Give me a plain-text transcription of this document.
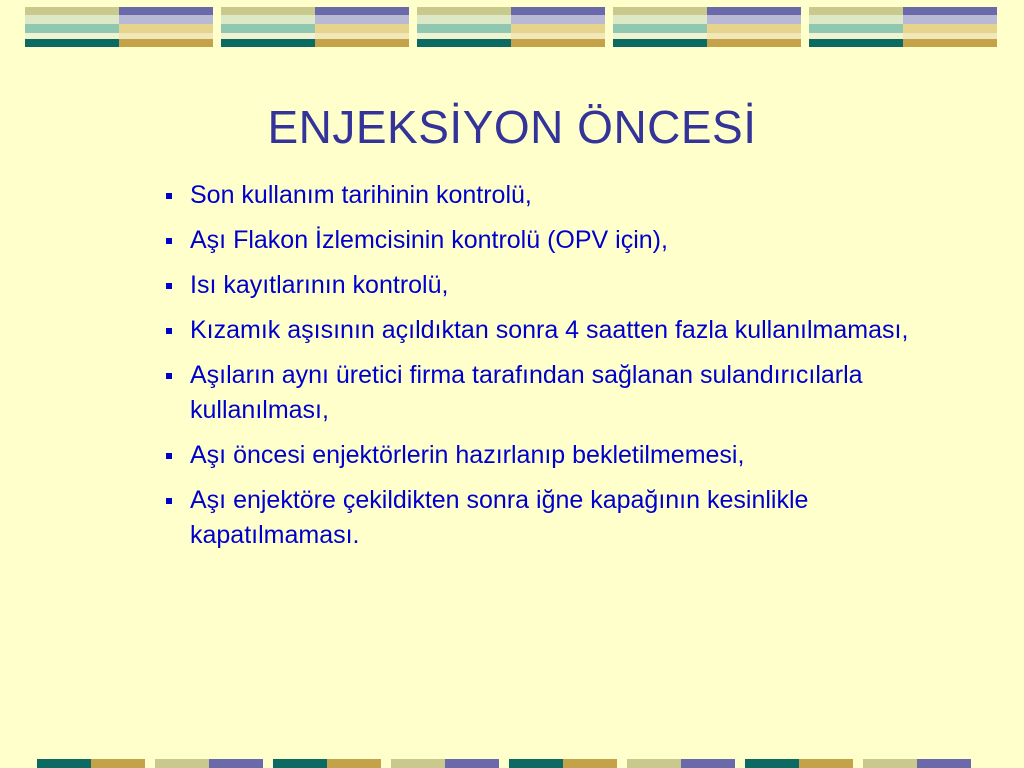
ENJEKSİYON ÖNCESİ
Son kullanım tarihinin kontrolü,
Aşı Flakon İzlemcisinin kontrolü (OPV için),
Isı kayıtlarının kontrolü,
Kızamık aşısının açıldıktan sonra 4 saatten fazla kullanılmaması,
Aşıların aynı üretici firma tarafından sağlanan sulandırıcılarla kullanılması,
Aşı öncesi enjektörlerin hazırlanıp bekletilmemesi,
Aşı enjektöre çekildikten sonra iğne kapağının kesinlikle kapatılmaması.
